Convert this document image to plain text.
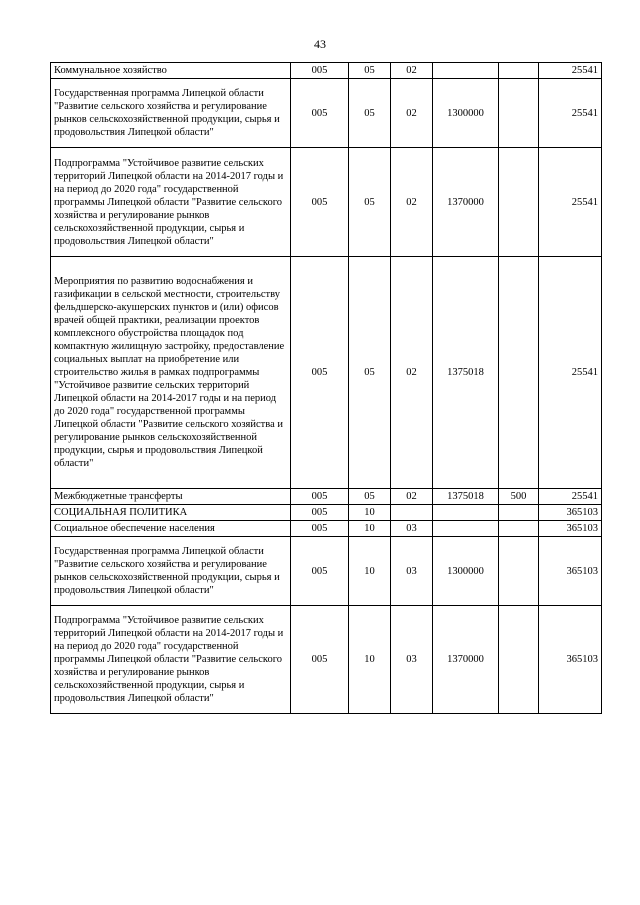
43
Коммунальное хозяйство	005	05	02			25541
Государственная программа Липецкой области "Развитие сельского хозяйства и регулирование рынков сельскохозяйственной продукции, сырья и продовольствия Липецкой области"	005	05	02	1300000		25541
Подпрограмма "Устойчивое развитие сельских территорий Липецкой области на 2014-2017 годы и на период до 2020 года" государственной программы Липецкой области "Развитие сельского хозяйства и регулирование рынков сельскохозяйственной продукции, сырья и продовольствия Липецкой области"	005	05	02	1370000		25541
Мероприятия по развитию водоснабжения и газификации в сельской местности, строительству фельдшерско-акушерских пунктов и (или) офисов врачей общей практики, реализации проектов комплексного обустройства площадок под компактную жилищную застройку, предоставление социальных выплат на приобретение или строительство жилья в рамках подпрограммы "Устойчивое развитие сельских территорий Липецкой области на 2014-2017 годы и на период до 2020 года" государственной программы Липецкой области "Развитие сельского хозяйства и регулирование рынков сельскохозяйственной продукции, сырья и продовольствия Липецкой области"	005	05	02	1375018		25541
Межбюджетные трансферты	005	05	02	1375018	500	25541
СОЦИАЛЬНАЯ ПОЛИТИКА	005	10				365103
Социальное обеспечение населения	005	10	03			365103
Государственная программа Липецкой области "Развитие сельского хозяйства и регулирование рынков сельскохозяйственной продукции, сырья и продовольствия Липецкой области"	005	10	03	1300000		365103
Подпрограмма "Устойчивое развитие сельских территорий Липецкой области на 2014-2017 годы и на период до 2020 года" государственной программы Липецкой области "Развитие сельского хозяйства и регулирование рынков сельскохозяйственной продукции, сырья и продовольствия Липецкой области"	005	10	03	1370000		365103
